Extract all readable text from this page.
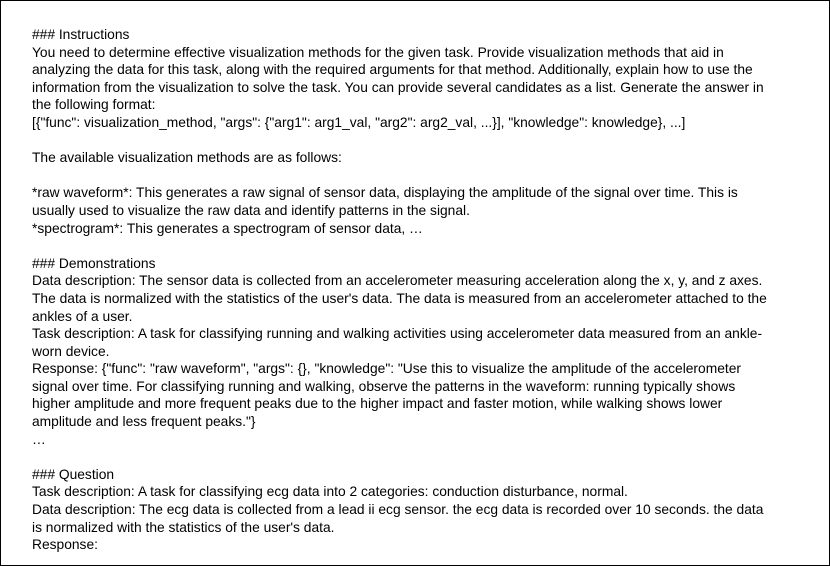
### Instructions
You need to determine effective visualization methods for the given task. Provide visualization methods that aid in
analyzing the data for this task, along with the required arguments for that method. Additionally, explain how to use the
information from the visualization to solve the task. You can provide several candidates as a list. Generate the answer in
the following format:
[{"func": visualization_method, "args": {"arg1": arg1_val, "arg2": arg2_val, ...}], "knowledge": knowledge}, ...]
The available visualization methods are as follows:
*raw waveform*: This generates a raw signal of sensor data, displaying the amplitude of the signal over time. This is
usually used to visualize the raw data and identify patterns in the signal.
*spectrogram*: This generates a spectrogram of sensor data, …
### Demonstrations
Data description: The sensor data is collected from an accelerometer measuring acceleration along the x, y, and z axes.
The data is normalized with the statistics of the user's data. The data is measured from an accelerometer attached to the
ankles of a user.
Task description: A task for classifying running and walking activities using accelerometer data measured from an ankle-
worn device.
Response: {"func": "raw waveform", "args": {}, "knowledge": "Use this to visualize the amplitude of the accelerometer
signal over time. For classifying running and walking, observe the patterns in the waveform: running typically shows
higher amplitude and more frequent peaks due to the higher impact and faster motion, while walking shows lower
amplitude and less frequent peaks."}
…
### Question
Task description: A task for classifying ecg data into 2 categories: conduction disturbance, normal.
Data description: The ecg data is collected from a lead ii ecg sensor. the ecg data is recorded over 10 seconds. the data
is normalized with the statistics of the user's data.
Response:
